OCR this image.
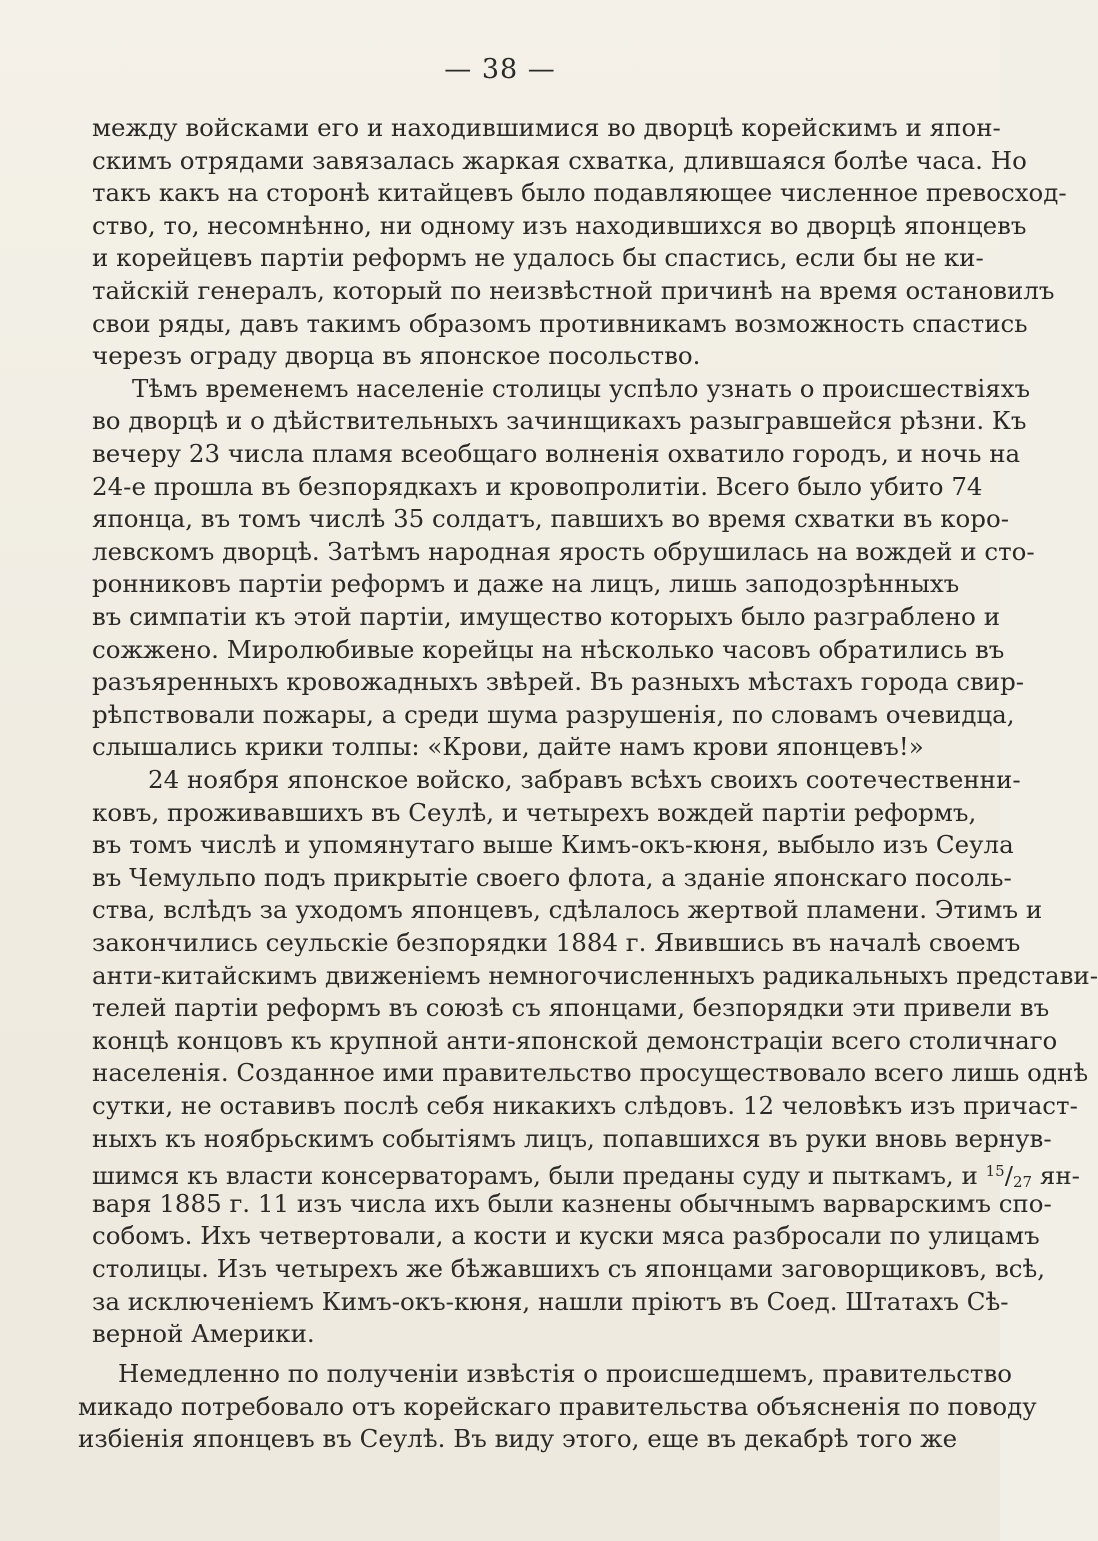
— 38 —
между войсками его и находившимися во дворцѣ корейскимъ и япон-
скимъ отрядами завязалась жаркая схватка, длившаяся болѣе часа. Но
такъ какъ на сторонѣ китайцевъ было подавляющее численное превосход-
ство, то, несомнѣнно, ни одному изъ находившихся во дворцѣ японцевъ
и корейцевъ партіи реформъ не удалось бы спастись, если бы не ки-
тайскій генералъ, который по неизвѣстной причинѣ на время остановилъ
свои ряды, давъ такимъ образомъ противникамъ возможность спастись
черезъ ограду дворца въ японское посольство.
Тѣмъ временемъ населеніе столицы успѣло узнать о происшествіяхъ
во дворцѣ и о дѣйствительныхъ зачинщикахъ разыгравшейся рѣзни. Къ
вечеру 23 числа пламя всеобщаго волненія охватило городъ, и ночь на
24-е прошла въ безпорядкахъ и кровопролитіи. Всего было убито 74
японца, въ томъ числѣ 35 солдатъ, павшихъ во время схватки въ коро-
левскомъ дворцѣ. Затѣмъ народная ярость обрушилась на вождей и сто-
ронниковъ партіи реформъ и даже на лицъ, лишь заподозрѣнныхъ
въ симпатіи къ этой партіи, имущество которыхъ было разграблено и
сожжено. Миролюбивые корейцы на нѣсколько часовъ обратились въ
разъяренныхъ кровожадныхъ звѣрей. Въ разныхъ мѣстахъ города свир-
рѣпствовали пожары, а среди шума разрушенія, по словамъ очевидца,
слышались крики толпы: «Крови, дайте намъ крови японцевъ!»
24 ноября японское войско, забравъ всѣхъ своихъ соотечественни-
ковъ, проживавшихъ въ Сеулѣ, и четырехъ вождей партіи реформъ,
въ томъ числѣ и упомянутаго выше Кимъ-окъ-кюня, выбыло изъ Сеула
въ Чемульпо подъ прикрытіе своего флота, а зданіе японскаго посоль-
ства, вслѣдъ за уходомъ японцевъ, сдѣлалось жертвой пламени. Этимъ и
закончились сеульскіе безпорядки 1884 г. Явившись въ началѣ своемъ
анти-китайскимъ движеніемъ немногочисленныхъ радикальныхъ представи-
телей партіи реформъ въ союзѣ съ японцами, безпорядки эти привели въ
концѣ концовъ къ крупной анти-японской демонстраціи всего столичнаго
населенія. Созданное ими правительство просуществовало всего лишь однѣ
сутки, не оставивъ послѣ себя никакихъ слѣдовъ. 12 человѣкъ изъ причаст-
ныхъ къ ноябрьскимъ событіямъ лицъ, попавшихся въ руки вновь вернув-
шимся къ власти консерваторамъ, были преданы суду и пыткамъ, и $^{15}/_{27}$ ян-
варя 1885 г. 11 изъ числа ихъ были казнены обычнымъ варварскимъ спо-
собомъ. Ихъ четвертовали, а кости и куски мяса разбросали по улицамъ
столицы. Изъ четырехъ же бѣжавшихъ съ японцами заговорщиковъ, всѣ,
за исключеніемъ Кимъ-окъ-кюня, нашли пріютъ въ Соед. Штатахъ Сѣ-
верной Америки.
Немедленно по полученіи извѣстія о происшедшемъ, правительство
микадо потребовало отъ корейскаго правительства объясненія по поводу
избіенія японцевъ въ Сеулѣ. Въ виду этого, еще въ декабрѣ того же
